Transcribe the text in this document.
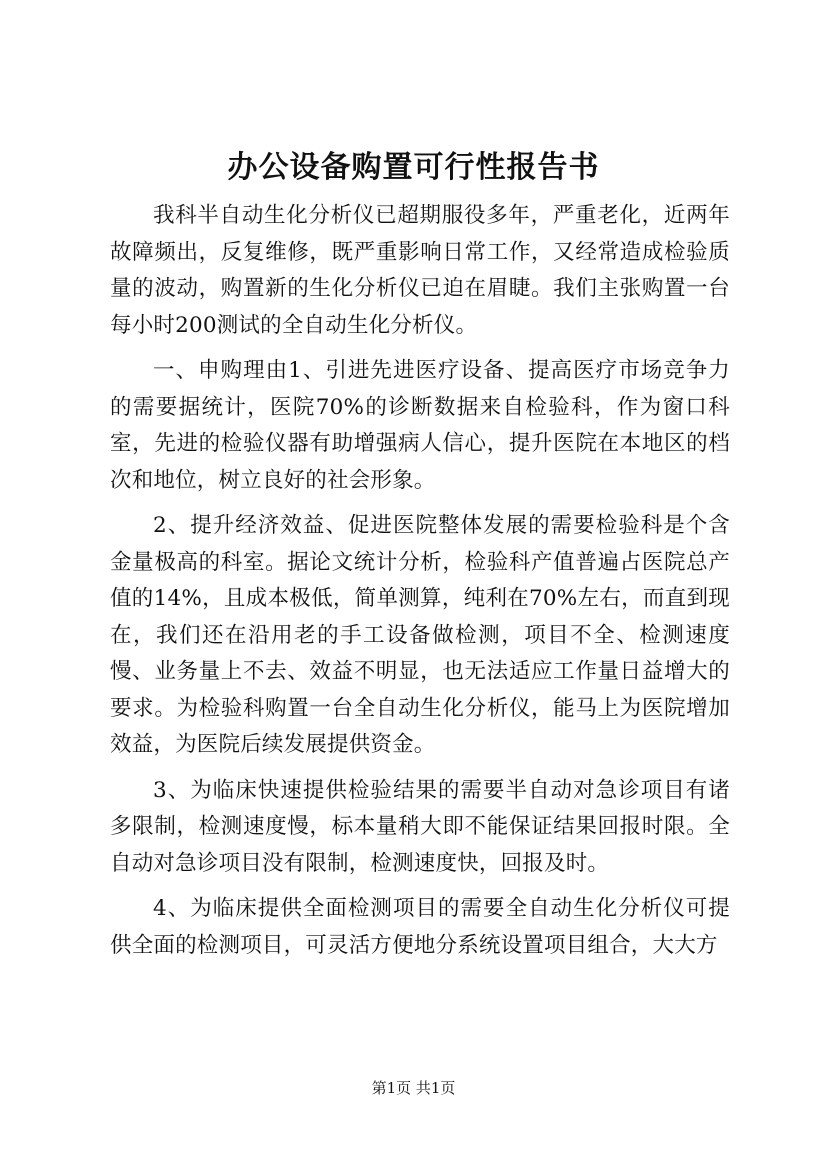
办公设备购置可行性报告书

我科半自动生化分析仪已超期服役多年，严重老化，近两年故障频出，反复维修，既严重影响日常工作，又经常造成检验质量的波动，购置新的生化分析仪已迫在眉睫。我们主张购置一台每小时200测试的全自动生化分析仪。

一、申购理由1、引进先进医疗设备、提高医疗市场竞争力的需要据统计，医院70%的诊断数据来自检验科，作为窗口科室，先进的检验仪器有助增强病人信心，提升医院在本地区的档次和地位，树立良好的社会形象。

2、提升经济效益、促进医院整体发展的需要检验科是个含金量极高的科室。据论文统计分析，检验科产值普遍占医院总产值的14%，且成本极低，简单测算，纯利在70%左右，而直到现在，我们还在沿用老的手工设备做检测，项目不全、检测速度慢、业务量上不去、效益不明显，也无法适应工作量日益增大的要求。为检验科购置一台全自动生化分析仪，能马上为医院增加效益，为医院后续发展提供资金。

3、为临床快速提供检验结果的需要半自动对急诊项目有诸多限制，检测速度慢，标本量稍大即不能保证结果回报时限。全自动对急诊项目没有限制，检测速度快，回报及时。

4、为临床提供全面检测项目的需要全自动生化分析仪可提供全面的检测项目，可灵活方便地分系统设置项目组合，大大方

第1页 共1页
